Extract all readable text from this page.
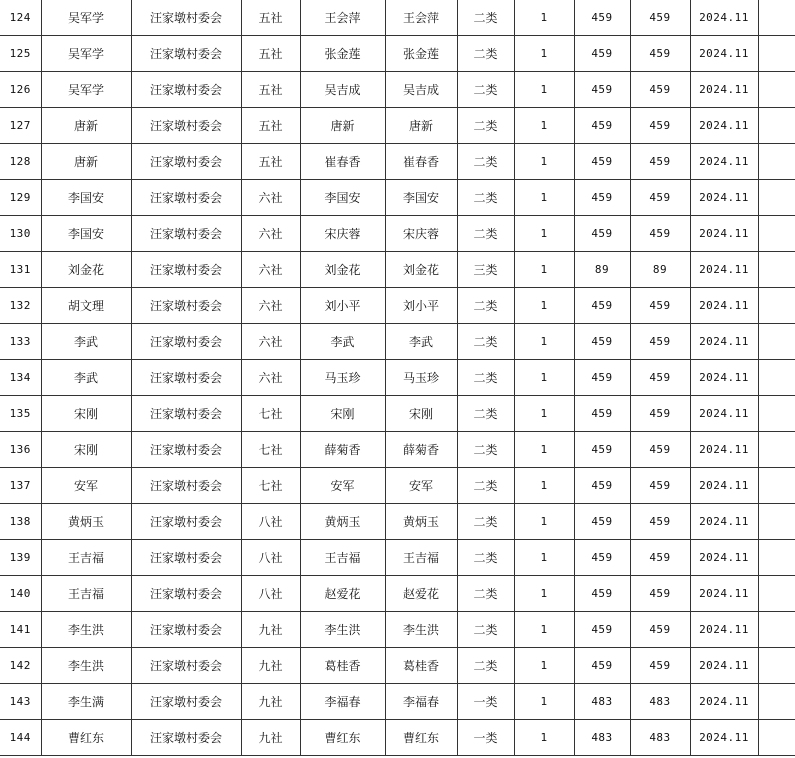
124	吴军学	汪家墩村委会	五社	王会萍	王会萍	二类	1	459	459	2024.11	
125	吴军学	汪家墩村委会	五社	张金莲	张金莲	二类	1	459	459	2024.11	
126	吴军学	汪家墩村委会	五社	吴吉成	吴吉成	二类	1	459	459	2024.11	
127	唐新	汪家墩村委会	五社	唐新	唐新	二类	1	459	459	2024.11	
128	唐新	汪家墩村委会	五社	崔春香	崔春香	二类	1	459	459	2024.11	
129	李国安	汪家墩村委会	六社	李国安	李国安	二类	1	459	459	2024.11	
130	李国安	汪家墩村委会	六社	宋庆蓉	宋庆蓉	二类	1	459	459	2024.11	
131	刘金花	汪家墩村委会	六社	刘金花	刘金花	三类	1	89	89	2024.11	
132	胡文理	汪家墩村委会	六社	刘小平	刘小平	二类	1	459	459	2024.11	
133	李武	汪家墩村委会	六社	李武	李武	二类	1	459	459	2024.11	
134	李武	汪家墩村委会	六社	马玉珍	马玉珍	二类	1	459	459	2024.11	
135	宋刚	汪家墩村委会	七社	宋刚	宋刚	二类	1	459	459	2024.11	
136	宋刚	汪家墩村委会	七社	薛菊香	薛菊香	二类	1	459	459	2024.11	
137	安军	汪家墩村委会	七社	安军	安军	二类	1	459	459	2024.11	
138	黄炳玉	汪家墩村委会	八社	黄炳玉	黄炳玉	二类	1	459	459	2024.11	
139	王吉福	汪家墩村委会	八社	王吉福	王吉福	二类	1	459	459	2024.11	
140	王吉福	汪家墩村委会	八社	赵爱花	赵爱花	二类	1	459	459	2024.11	
141	李生洪	汪家墩村委会	九社	李生洪	李生洪	二类	1	459	459	2024.11	
142	李生洪	汪家墩村委会	九社	葛桂香	葛桂香	二类	1	459	459	2024.11	
143	李生满	汪家墩村委会	九社	李福春	李福春	一类	1	483	483	2024.11	
144	曹红东	汪家墩村委会	九社	曹红东	曹红东	一类	1	483	483	2024.11	
